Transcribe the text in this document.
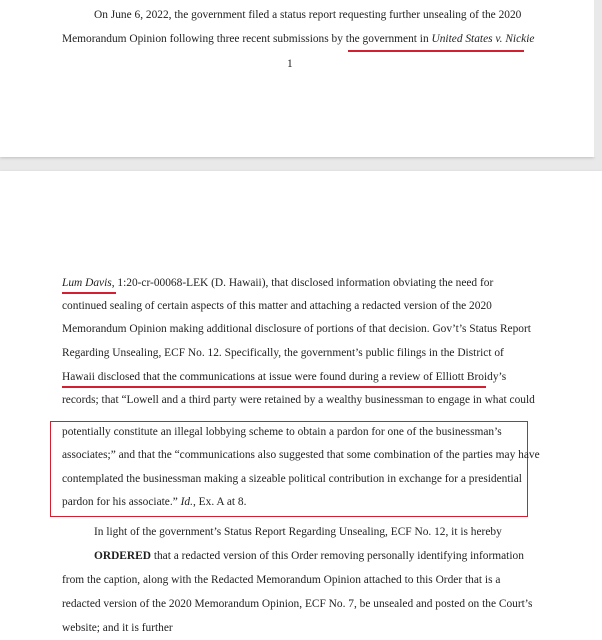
On June 6, 2022, the government filed a status report requesting further unsealing of the 2020
Memorandum Opinion following three recent submissions by the government in United States v. Nickie
1
Lum Davis, 1:20-cr-00068-LEK (D. Hawaii), that disclosed information obviating the need for
continued sealing of certain aspects of this matter and attaching a redacted version of the 2020
Memorandum Opinion making additional disclosure of portions of that decision. Gov’t’s Status Report
Regarding Unsealing, ECF No. 12. Specifically, the government’s public filings in the District of
Hawaii disclosed that the communications at issue were found during a review of Elliott Broidy’s
records; that “Lowell and a third party were retained by a wealthy businessman to engage in what could
potentially constitute an illegal lobbying scheme to obtain a pardon for one of the businessman’s
associates;” and that the “communications also suggested that some combination of the parties may have
contemplated the businessman making a sizeable political contribution in exchange for a presidential
pardon for his associate.” Id., Ex. A at 8.
In light of the government’s Status Report Regarding Unsealing, ECF No. 12, it is hereby
ORDERED that a redacted version of this Order removing personally identifying information
from the caption, along with the Redacted Memorandum Opinion attached to this Order that is a
redacted version of the 2020 Memorandum Opinion, ECF No. 7, be unsealed and posted on the Court’s
website; and it is further
